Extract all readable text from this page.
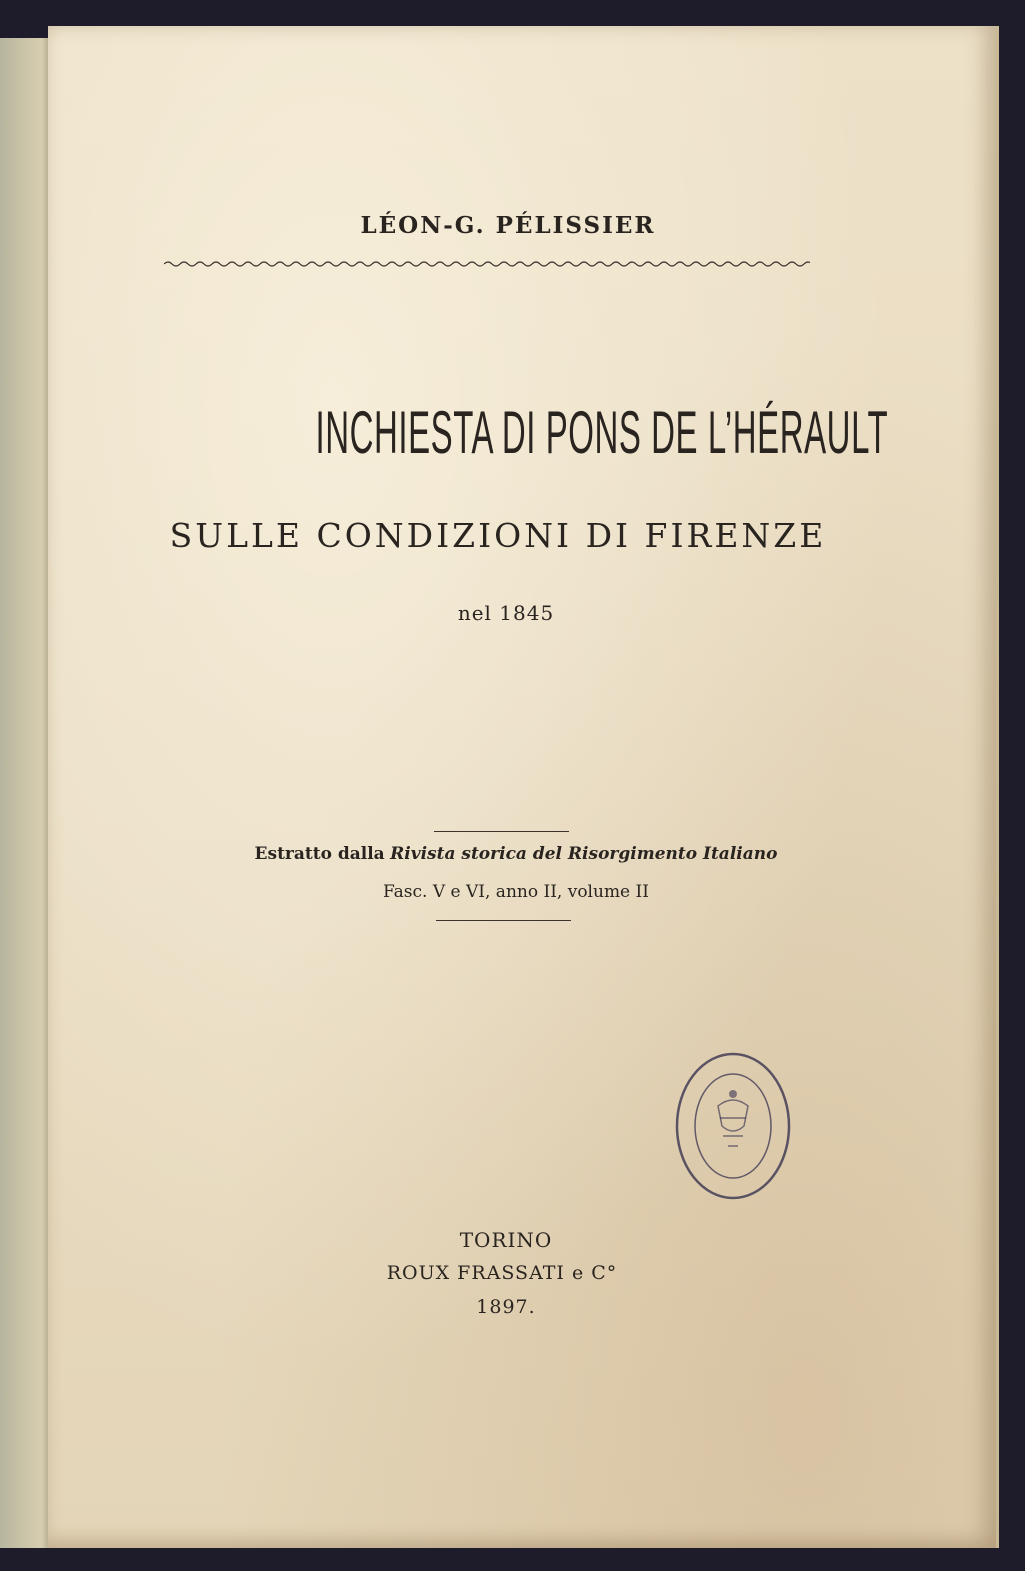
LÉON-G. PÉLISSIER

INCHIESTA DI PONS DE L’HÉRAULT

SULLE CONDIZIONI DI FIRENZE

nel 1845

Estratto dalla Rivista storica del Risorgimento Italiano

Fasc. V e VI, anno II, volume II

TORINO

ROUX FRASSATI e C°

1897.
